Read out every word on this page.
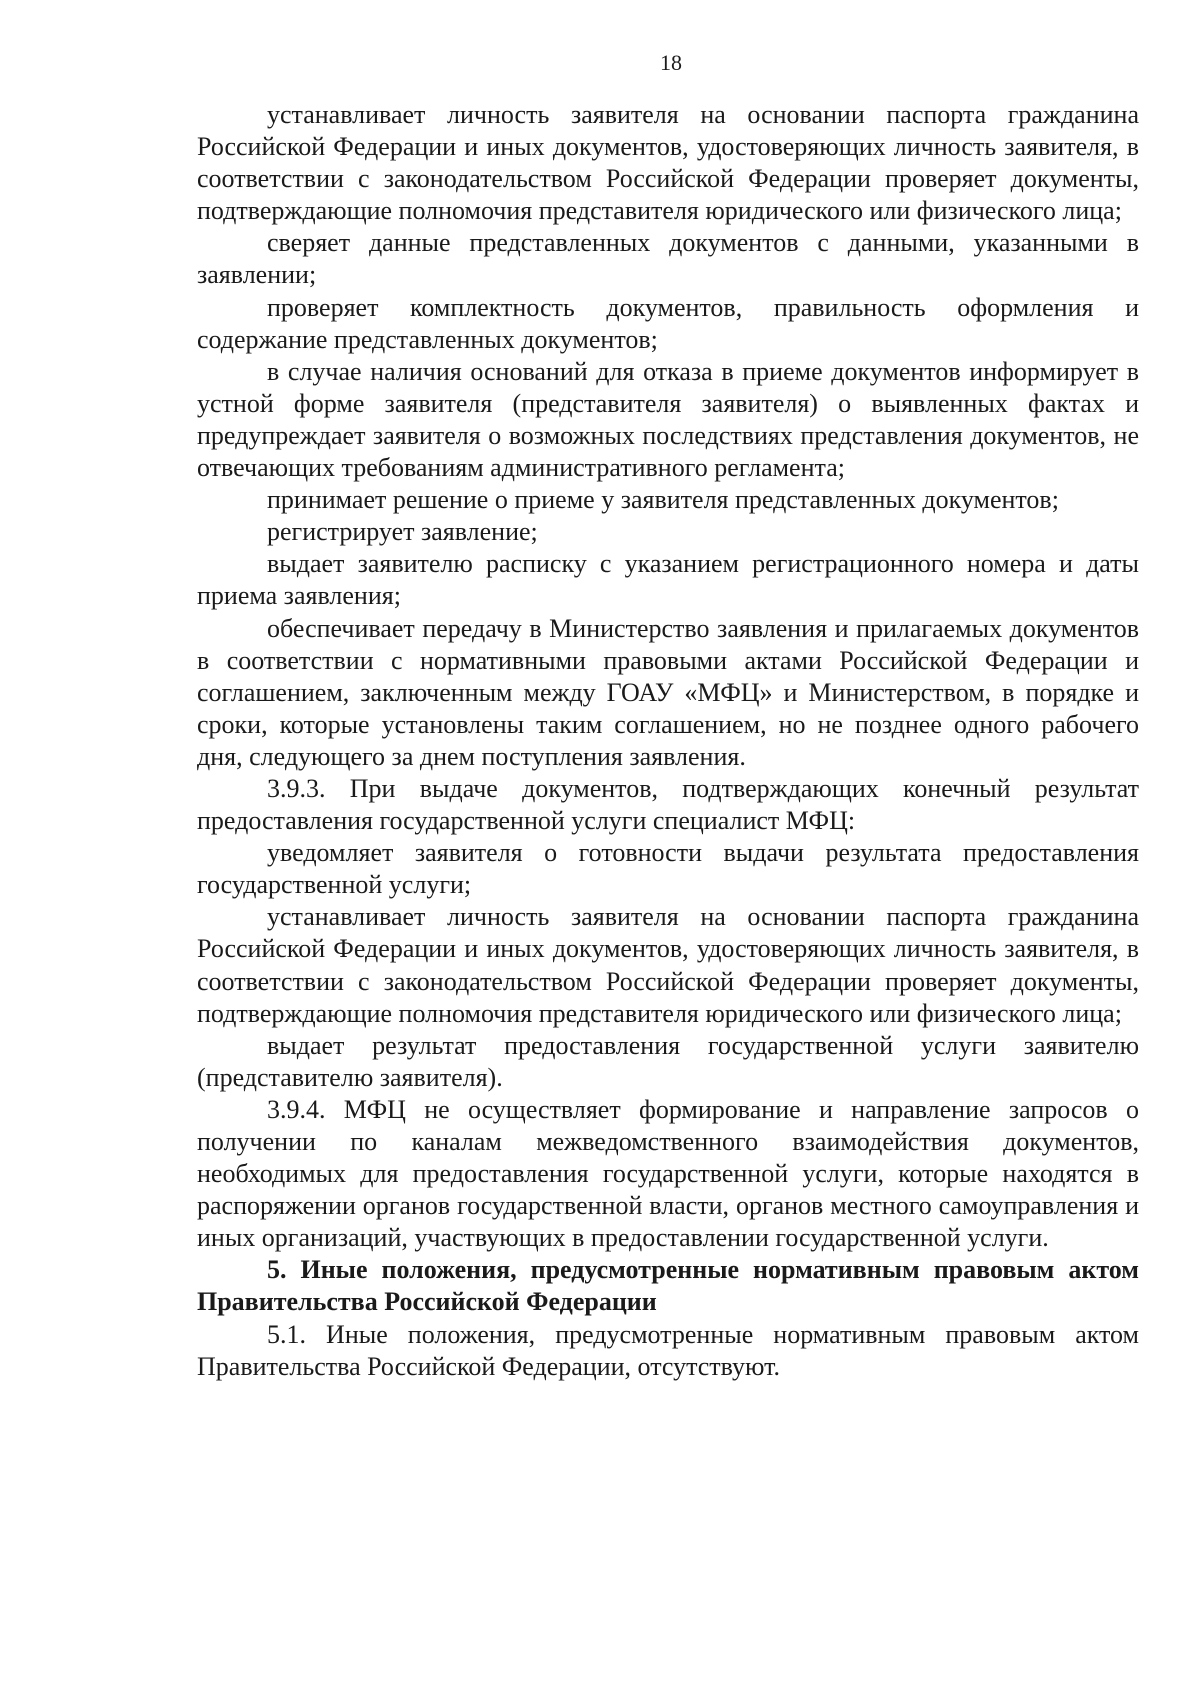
18

устанавливает личность заявителя на основании паспорта гражданина Российской Федерации и иных документов, удостоверяющих личность заявителя, в соответствии с законодательством Российской Федерации проверяет документы, подтверждающие полномочия представителя юридического или физического лица;

сверяет данные представленных документов с данными, указанными в заявлении;

проверяет комплектность документов, правильность оформления и содержание представленных документов;

в случае наличия оснований для отказа в приеме документов информирует в устной форме заявителя (представителя заявителя) о выявленных фактах и предупреждает заявителя о возможных последствиях представления документов, не отвечающих требованиям административного регламента;

принимает решение о приеме у заявителя представленных документов;

регистрирует заявление;

выдает заявителю расписку с указанием регистрационного номера и даты приема заявления;

обеспечивает передачу в Министерство заявления и прилагаемых документов в соответствии с нормативными правовыми актами Российской Федерации и соглашением, заключенным между ГОАУ «МФЦ» и Министерством, в порядке и сроки, которые установлены таким соглашением, но не позднее одного рабочего дня, следующего за днем поступления заявления.

3.9.3. При выдаче документов, подтверждающих конечный результат предоставления государственной услуги специалист МФЦ:

уведомляет заявителя о готовности выдачи результата предоставления государственной услуги;

устанавливает личность заявителя на основании паспорта гражданина Российской Федерации и иных документов, удостоверяющих личность заявителя, в соответствии с законодательством Российской Федерации проверяет документы, подтверждающие полномочия представителя юридического или физического лица;

выдает результат предоставления государственной услуги заявителю (представителю заявителя).

3.9.4. МФЦ не осуществляет формирование и направление запросов о получении по каналам межведомственного взаимодействия документов, необходимых для предоставления государственной услуги, которые находятся в распоряжении органов государственной власти, органов местного самоуправления и иных организаций, участвующих в предоставлении государственной услуги.

5. Иные положения, предусмотренные нормативным правовым актом Правительства Российской Федерации

5.1. Иные положения, предусмотренные нормативным правовым актом Правительства Российской Федерации, отсутствуют.
